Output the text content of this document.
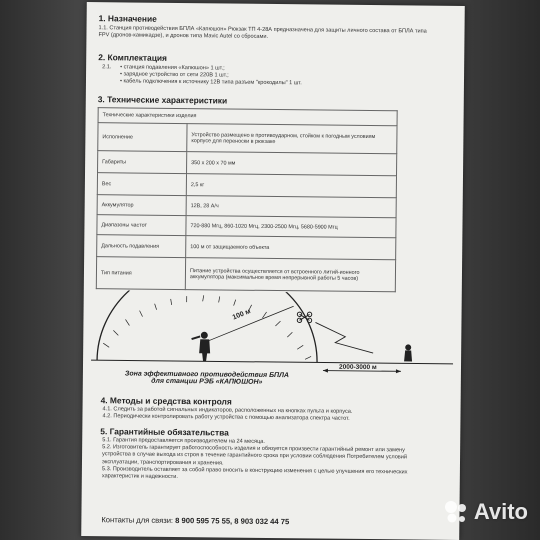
1. Назначение
1.1. Станция противодействия БПЛА «Капюшон» Рюкзак ТП 4-28А предназначена для защиты личного состава от БПЛА типа FPV (дронов-камикадзе), и дронов типа Mavic Autel со сбросами.
2. Комплектация
2.1. • станция подавления «Капюшон» 1 шт.;
• зарядное устройство от сети 220В 1 шт.;
• кабель подключения к источнику 12В типа разъем "крокодилы" 1 шт.
3. Технические характеристики
Технические характеристики изделия	
Исполнение	Устройство размещено в противоударном, стойком к погодным условиям корпусе для переноски в рюкзаке
Габариты	350 х 200 х 70 мм
Вес	2,5 кг
Аккумулятор	12В, 28 А/ч
Диапазоны частот	720-880 Мгц, 860-1020 Мгц, 2300-2500 Мгц, 5680-5900 Мгц
Дальность подавления	100 м от защищаемого объекта
Тип питания	Питание устройства осуществляется от встроенного литий-ионного аккумулятора (максимальное время непрерывной работы 5 часов)
100 м
2000-3000 м
Зона эффективного противодействия БПЛА
для станции РЭБ «КАПЮШОН»
4. Методы и средства контроля
4.1. Следить за работой сигнальных индикаторов, расположенных на кнопках пульта и корпуса.
4.2. Периодически контролировать работу устройства с помощью анализатора спектра частот.
5. Гарантийные обязательства
5.1. Гарантия предоставляется производителем на 24 месяца.
5.2. Изготовитель гарантирует работоспособность изделия и обязуется произвести гарантийный ремонт или замену устройства в случае выхода из строя в течение гарантийного срока при условии соблюдения Потребителем условий эксплуатации, транспортирования и хранения.
5.3. Производитель оставляет за собой право вносить в конструкцию изменения с целью улучшения его технических характеристик и надежности.
Контакты для связи: 8 900 595 75 55, 8 903 032 44 75	Avito
